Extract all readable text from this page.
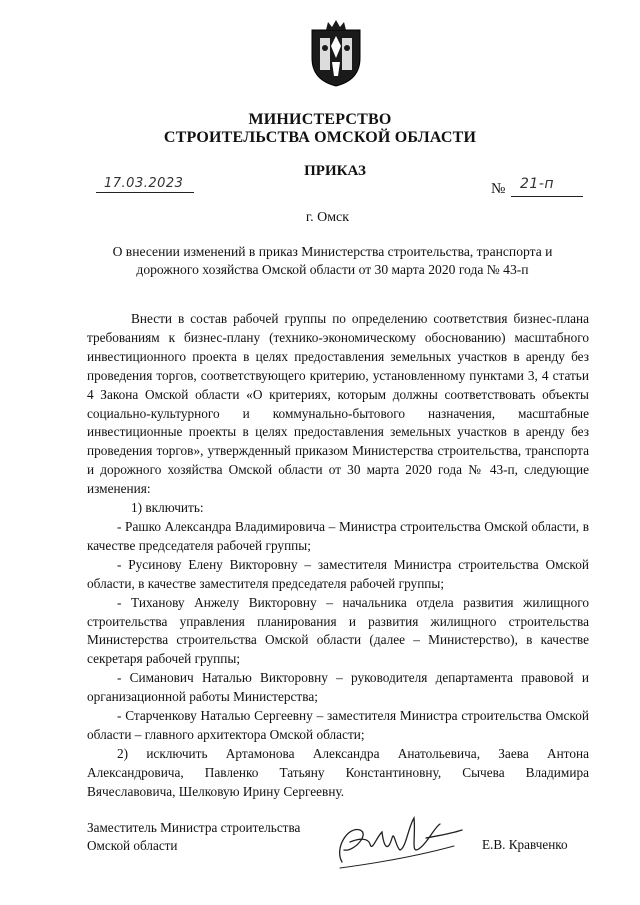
МИНИСТЕРСТВО
СТРОИТЕЛЬСТВА ОМСКОЙ ОБЛАСТИ
ПРИКАЗ
17.03.2023	№ 21-п
г. Омск
О внесении изменений в приказ Министерства строительства, транспорта и
дорожного хозяйства Омской области от 30 марта 2020 года № 43-п

Внести в состав рабочей группы по определению соответствия бизнес-плана требованиям к бизнес-плану (технико-экономическому обоснованию) масштабного инвестиционного проекта в целях предоставления земельных участков в аренду без проведения торгов, соответствующего критерию, установленному пунктами 3, 4 статьи 4 Закона Омской области «О критериях, которым должны соответствовать объекты социально-культурного и коммунально-бытового назначения, масштабные инвестиционные проекты в целях предоставления земельных участков в аренду без проведения торгов», утвержденный приказом Министерства строительства, транспорта и дорожного хозяйства Омской области от 30 марта 2020 года № 43-п, следующие изменения:

1) включить:

- Рашко Александра Владимировича – Министра строительства Омской области, в качестве председателя рабочей группы;

- Русинову Елену Викторовну – заместителя Министра строительства Омской области, в качестве заместителя председателя рабочей группы;

- Тиханову Анжелу Викторовну – начальника отдела развития жилищного строительства управления планирования и развития жилищного строительства Министерства строительства Омской области (далее – Министерство), в качестве секретаря рабочей группы;

- Симанович Наталью Викторовну – руководителя департамента правовой и организационной работы Министерства;

- Старченкову Наталью Сергеевну – заместителя Министра строительства Омской области – главного архитектора Омской области;

2) исключить Артамонова Александра Анатольевича, Заева Антона Александровича, Павленко Татьяну Константиновну, Сычева Владимира Вячеславовича, Шелковую Ирину Сергеевну.

Заместитель Министра строительства
Омской области	Е.В. Кравченко
